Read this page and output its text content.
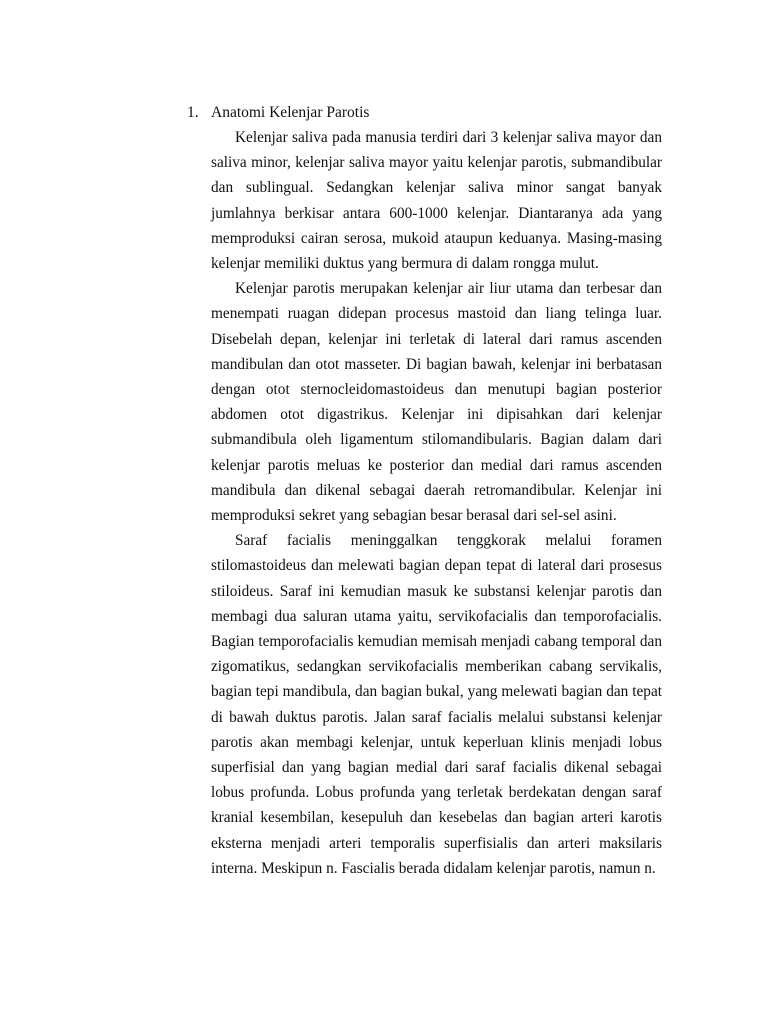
1. Anatomi Kelenjar Parotis

Kelenjar saliva pada manusia terdiri dari 3 kelenjar saliva mayor dan saliva minor, kelenjar saliva mayor yaitu kelenjar parotis, submandibular dan sublingual. Sedangkan kelenjar saliva minor sangat banyak jumlahnya berkisar antara 600-1000 kelenjar. Diantaranya ada yang memproduksi cairan serosa, mukoid ataupun keduanya. Masing-masing kelenjar memiliki duktus yang bermura di dalam rongga mulut.

Kelenjar parotis merupakan kelenjar air liur utama dan terbesar dan menempati ruagan didepan procesus mastoid dan liang telinga luar. Disebelah depan, kelenjar ini terletak di lateral dari ramus ascenden mandibulan dan otot masseter. Di bagian bawah, kelenjar ini berbatasan dengan otot sternocleidomastoideus dan menutupi bagian posterior abdomen otot digastrikus. Kelenjar ini dipisahkan dari kelenjar submandibula oleh ligamentum stilomandibularis. Bagian dalam dari kelenjar parotis meluas ke posterior dan medial dari ramus ascenden mandibula dan dikenal sebagai daerah retromandibular. Kelenjar ini memproduksi sekret yang sebagian besar berasal dari sel-sel asini.

Saraf facialis meninggalkan tenggkorak melalui foramen stilomastoideus dan melewati bagian depan tepat di lateral dari prosesus stiloideus. Saraf ini kemudian masuk ke substansi kelenjar parotis dan membagi dua saluran utama yaitu, servikofacialis dan temporofacialis. Bagian temporofacialis kemudian memisah menjadi cabang temporal dan zigomatikus, sedangkan servikofacialis memberikan cabang servikalis, bagian tepi mandibula, dan bagian bukal, yang melewati bagian dan tepat di bawah duktus parotis. Jalan saraf facialis melalui substansi kelenjar parotis akan membagi kelenjar, untuk keperluan klinis menjadi lobus superfisial dan yang bagian medial dari saraf facialis dikenal sebagai lobus profunda. Lobus profunda yang terletak berdekatan dengan saraf kranial kesembilan, kesepuluh dan kesebelas dan bagian arteri karotis eksterna menjadi arteri temporalis superfisialis dan arteri maksilaris interna. Meskipun n. Fascialis berada didalam kelenjar parotis, namun n.
